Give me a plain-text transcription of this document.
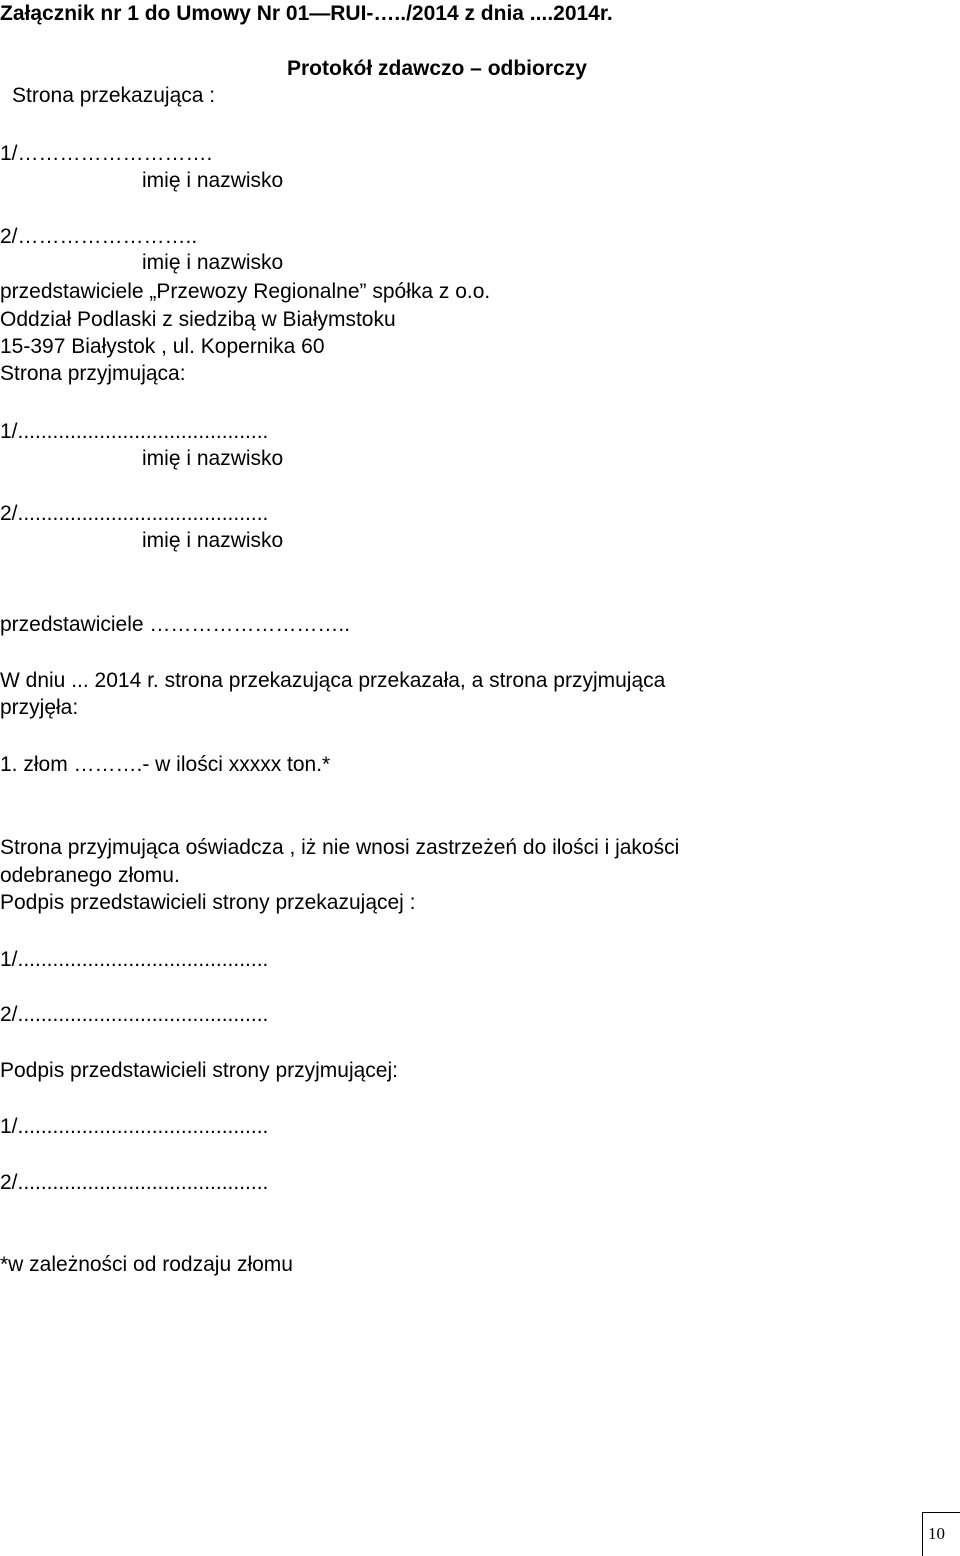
Załącznik nr 1 do Umowy Nr 01—RUI-…../2014 z dnia ....2014r.
Protokół zdawczo – odbiorczy
Strona przekazująca :
1/……………………….
imię i nazwisko
2/……………………..
imię i nazwisko
przedstawiciele „Przewozy Regionalne” spółka z o.o.
Oddział Podlaski z siedzibą w Białymstoku
15-397 Białystok , ul. Kopernika 60
Strona przyjmująca:
1/...........................................
imię i nazwisko
2/...........................................
imię i nazwisko
przedstawiciele ………………………..
W dniu ... 2014 r. strona przekazująca przekazała, a strona przyjmująca
przyjęła:
1. złom ……….- w ilości xxxxx ton.*
Strona przyjmująca oświadcza , iż nie wnosi zastrzeżeń do ilości i jakości
odebranego złomu.
Podpis przedstawicieli strony przekazującej :
1/...........................................
2/...........................................
Podpis przedstawicieli strony przyjmującej:
1/...........................................
2/...........................................
*w zależności od rodzaju złomu
10
